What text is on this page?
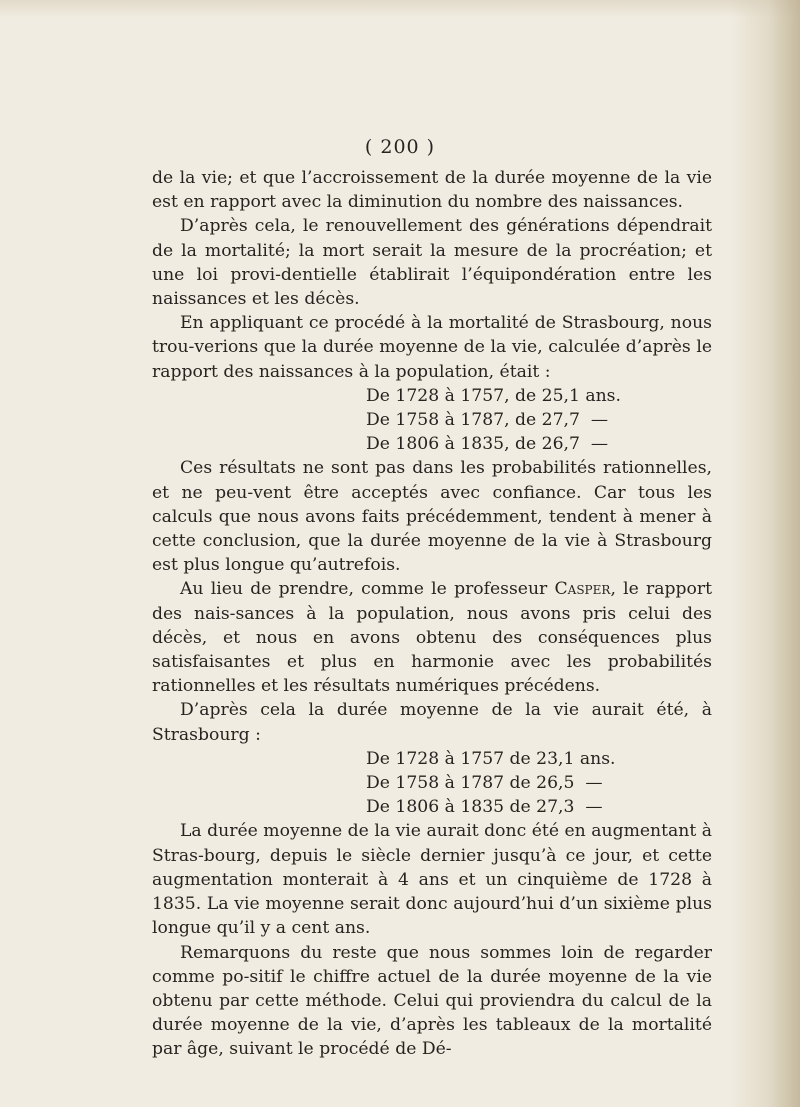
( 200 )

de la vie; et que l’accroissement de la durée moyenne de la vie est en rapport avec la diminution du nombre des naissances.

D’après cela, le renouvellement des générations dépendrait de la mortalité; la mort serait la mesure de la procréation; et une loi provi-dentielle établirait l’équipondération entre les naissances et les décès.

En appliquant ce procédé à la mortalité de Strasbourg, nous trou-verions que la durée moyenne de la vie, calculée d’après le rapport des naissances à la population, était :

De 1728 à 1757, de 25,1 ans.
De 1758 à 1787, de 27,7  —
De 1806 à 1835, de 26,7  —

Ces résultats ne sont pas dans les probabilités rationnelles, et ne peu-vent être acceptés avec confiance. Car tous les calculs que nous avons faits précédemment, tendent à mener à cette conclusion, que la durée moyenne de la vie à Strasbourg est plus longue qu’autrefois.

Au lieu de prendre, comme le professeur Casper, le rapport des nais-sances à la population, nous avons pris celui des décès, et nous en avons obtenu des conséquences plus satisfaisantes et plus en harmonie avec les probabilités rationnelles et les résultats numériques précédens.

D’après cela la durée moyenne de la vie aurait été, à Strasbourg :

De 1728 à 1757 de 23,1 ans.
De 1758 à 1787 de 26,5  —
De 1806 à 1835 de 27,3  —

La durée moyenne de la vie aurait donc été en augmentant à Stras-bourg, depuis le siècle dernier jusqu’à ce jour, et cette augmentation monterait à 4 ans et un cinquième de 1728 à 1835. La vie moyenne serait donc aujourd’hui d’un sixième plus longue qu’il y a cent ans.

Remarquons du reste que nous sommes loin de regarder comme po-sitif le chiffre actuel de la durée moyenne de la vie obtenu par cette méthode. Celui qui proviendra du calcul de la durée moyenne de la vie, d’après les tableaux de la mortalité par âge, suivant le procédé de Dé-
